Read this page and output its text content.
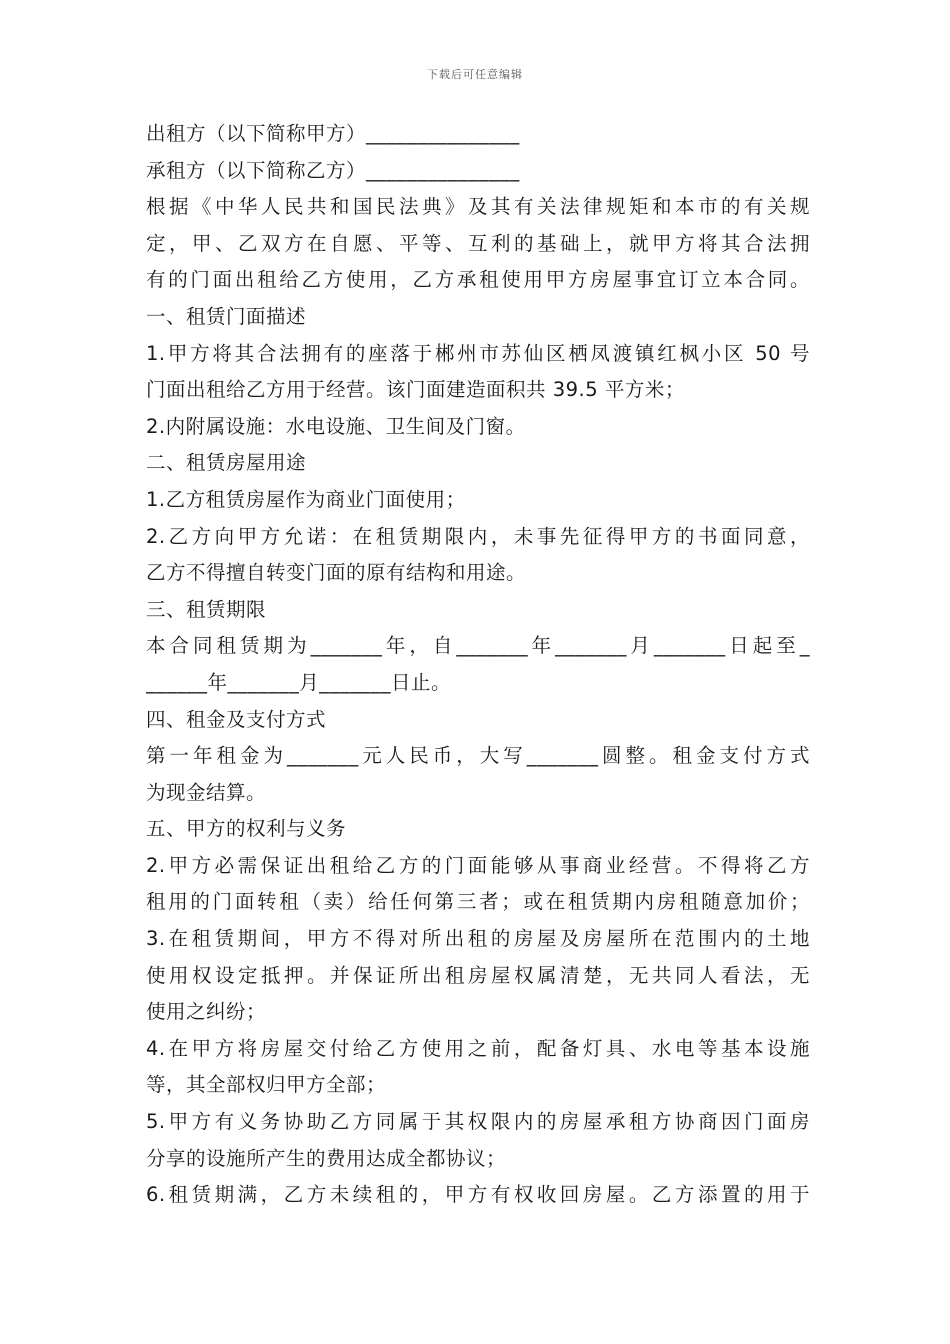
下载后可任意编辑
出租方（以下简称甲方）_______________
承租方（以下简称乙方）_______________
根据《中华人民共和国民法典》及其有关法律规矩和本市的有关规
定，甲、乙双方在自愿、平等、互利的基础上，就甲方将其合法拥
有的门面出租给乙方使用，乙方承租使用甲方房屋事宜订立本合同。
一、租赁门面描述
1.甲方将其合法拥有的座落于郴州市苏仙区栖凤渡镇红枫小区 50 号
门面出租给乙方用于经营。该门面建造面积共 39.5 平方米；
2.内附属设施：水电设施、卫生间及门窗。
二、租赁房屋用途
1.乙方租赁房屋作为商业门面使用；
2.乙方向甲方允诺：在租赁期限内，未事先征得甲方的书面同意，
乙方不得擅自转变门面的原有结构和用途。
三、租赁期限
本合同租赁期为_______年，自_______年_______月_______日起至_
______年_______月_______日止。
四、租金及支付方式
第一年租金为_______元人民币，大写_______圆整。租金支付方式
为现金结算。
五、甲方的权利与义务
2.甲方必需保证出租给乙方的门面能够从事商业经营。不得将乙方
租用的门面转租（卖）给任何第三者；或在租赁期内房租随意加价；
3.在租赁期间，甲方不得对所出租的房屋及房屋所在范围内的土地
使用权设定抵押。并保证所出租房屋权属清楚，无共同人看法，无
使用之纠纷；
4.在甲方将房屋交付给乙方使用之前，配备灯具、水电等基本设施
等，其全部权归甲方全部；
5.甲方有义务协助乙方同属于其权限内的房屋承租方协商因门面房
分享的设施所产生的费用达成全都协议；
6.租赁期满，乙方未续租的，甲方有权收回房屋。乙方添置的用于
